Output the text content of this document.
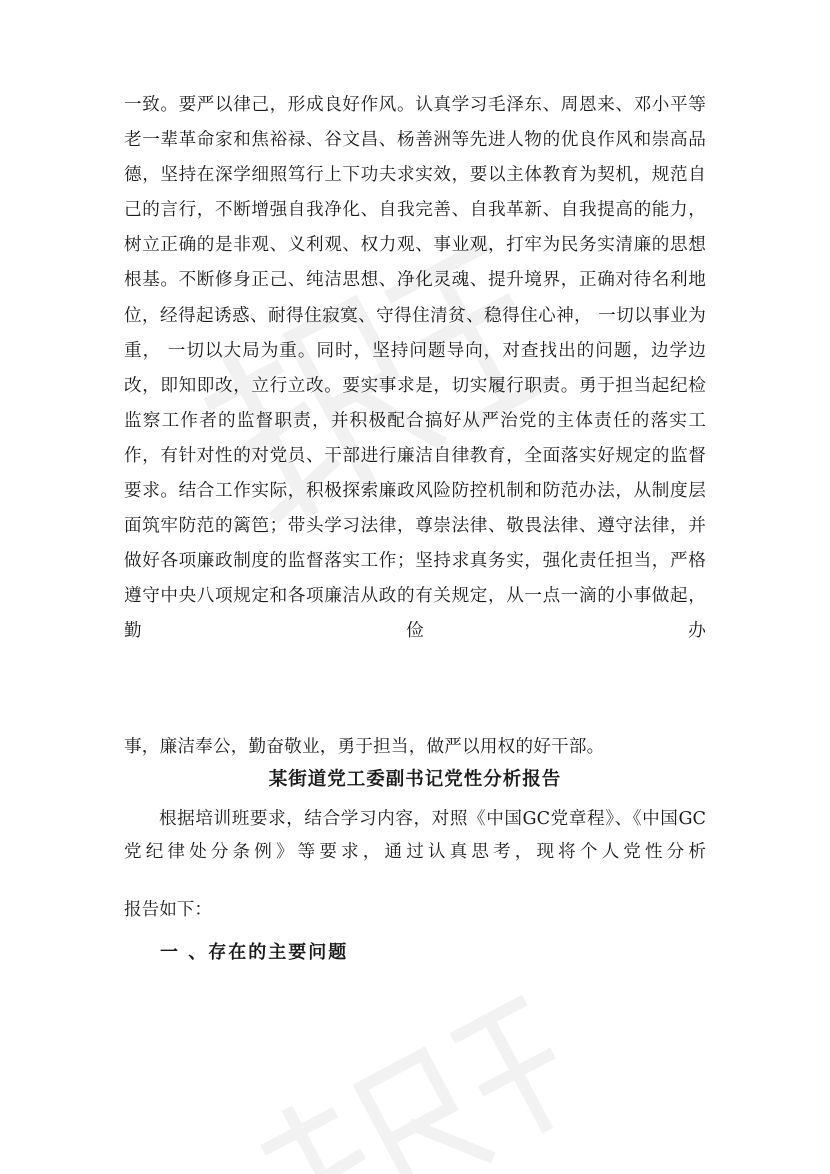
一致。要严以律己，形成良好作风。认真学习毛泽东、周恩来、邓小平等老一辈革命家和焦裕禄、谷文昌、杨善洲等先进人物的优良作风和崇高品德，坚持在深学细照笃行上下功夫求实效，要以主体教育为契机，规范自己的言行，不断增强自我净化、自我完善、自我革新、自我提高的能力，树立正确的是非观、义利观、权力观、事业观，打牢为民务实清廉的思想根基。不断修身正己、纯洁思想、净化灵魂、提升境界，正确对待名利地位，经得起诱惑、耐得住寂寞、守得住清贫、稳得住心神， 一切以事业为重， 一切以大局为重。同时，坚持问题导向，对查找出的问题，边学边改，即知即改，立行立改。要实事求是，切实履行职责。勇于担当起纪检监察工作者的监督职责，并积极配合搞好从严治党的主体责任的落实工作，有针对性的对党员、干部进行廉洁自律教育，全面落实好规定的监督要求。结合工作实际，积极探索廉政风险防控机制和防范办法，从制度层面筑牢防范的篱笆；带头学习法律，尊崇法律、敬畏法律、遵守法律，并做好各项廉政制度的监督落实工作；坚持求真务实，强化责任担当，严格遵守中央八项规定和各项廉洁从政的有关规定，从一点一滴的小事做起，勤俭办

事，廉洁奉公，勤奋敬业，勇于担当，做严以用权的好干部。

某街道党工委副书记党性分析报告

根据培训班要求，结合学习内容，对照《中国GC党章程》、《中国GC党纪律处分条例》等要求，通过认真思考，现将个人党性分析

报告如下：

一 、存在的主要问题
